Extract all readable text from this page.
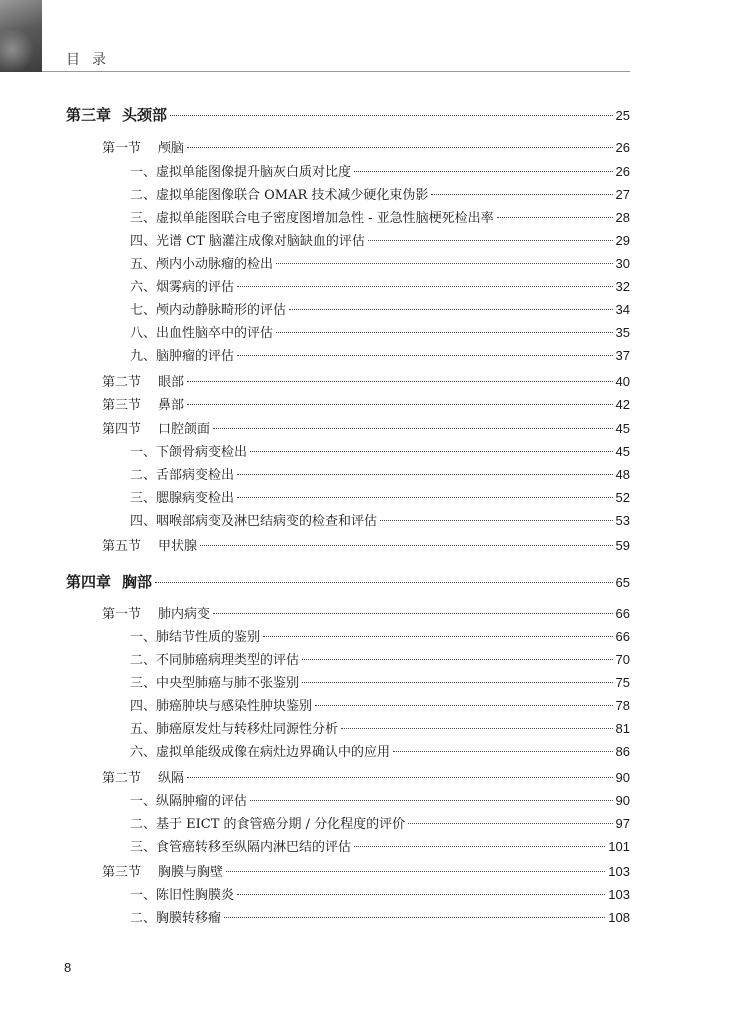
目录
第三章 头颈部	25
第一节 颅脑	26
一、虚拟单能图像提升脑灰白质对比度	26
二、虚拟单能图像联合 OMAR 技术减少硬化束伪影	27
三、虚拟单能图联合电子密度图增加急性 - 亚急性脑梗死检出率	28
四、光谱 CT 脑灌注成像对脑缺血的评估	29
五、颅内小动脉瘤的检出	30
六、烟雾病的评估	32
七、颅内动静脉畸形的评估	34
八、出血性脑卒中的评估	35
九、脑肿瘤的评估	37
第二节 眼部	40
第三节 鼻部	42
第四节 口腔颌面	45
一、下颌骨病变检出	45
二、舌部病变检出	48
三、腮腺病变检出	52
四、咽喉部病变及淋巴结病变的检查和评估	53
第五节 甲状腺	59
第四章 胸部	65
第一节 肺内病变	66
一、肺结节性质的鉴别	66
二、不同肺癌病理类型的评估	70
三、中央型肺癌与肺不张鉴别	75
四、肺癌肿块与感染性肿块鉴别	78
五、肺癌原发灶与转移灶同源性分析	81
六、虚拟单能级成像在病灶边界确认中的应用	86
第二节 纵隔	90
一、纵隔肿瘤的评估	90
二、基于 EICT 的食管癌分期 / 分化程度的评价	97
三、食管癌转移至纵隔内淋巴结的评估	101
第三节 胸膜与胸壁	103
一、陈旧性胸膜炎	103
二、胸膜转移瘤	108
8
